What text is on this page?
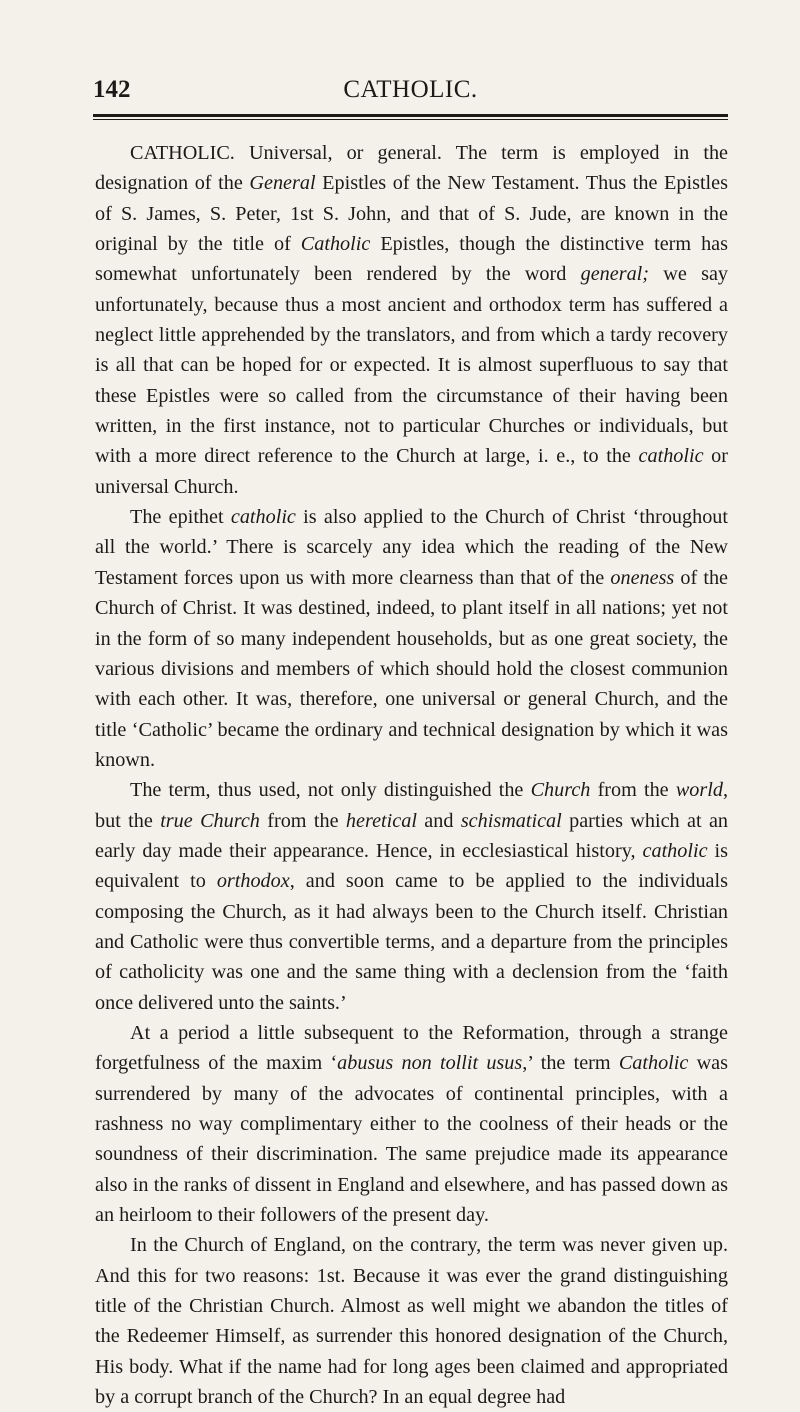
142	CATHOLIC.

CATHOLIC. Universal, or general. The term is employed in the designation of the General Epistles of the New Testament. Thus the Epistles of S. James, S. Peter, 1st S. John, and that of S. Jude, are known in the original by the title of Catholic Epistles, though the distinctive term has somewhat unfortunately been rendered by the word general; we say unfortunately, because thus a most ancient and orthodox term has suffered a neglect little apprehended by the translators, and from which a tardy recovery is all that can be hoped for or expected. It is almost superfluous to say that these Epistles were so called from the circumstance of their having been written, in the first instance, not to particular Churches or individuals, but with a more direct reference to the Church at large, i. e., to the catholic or universal Church.

The epithet catholic is also applied to the Church of Christ ‘throughout all the world.’ There is scarcely any idea which the reading of the New Testament forces upon us with more clearness than that of the oneness of the Church of Christ. It was destined, indeed, to plant itself in all nations; yet not in the form of so many independent households, but as one great society, the various divisions and members of which should hold the closest communion with each other. It was, therefore, one universal or general Church, and the title ‘Catholic’ became the ordinary and technical designation by which it was known.

The term, thus used, not only distinguished the Church from the world, but the true Church from the heretical and schismatical parties which at an early day made their appearance. Hence, in ecclesiastical history, catholic is equivalent to orthodox, and soon came to be applied to the individuals composing the Church, as it had always been to the Church itself. Christian and Catholic were thus convertible terms, and a departure from the principles of catholicity was one and the same thing with a declension from the ‘faith once delivered unto the saints.’

At a period a little subsequent to the Reformation, through a strange forgetfulness of the maxim ‘abusus non tollit usus,’ the term Catholic was surrendered by many of the advocates of continental principles, with a rashness no way complimentary either to the coolness of their heads or the soundness of their discrimination. The same prejudice made its appearance also in the ranks of dissent in England and elsewhere, and has passed down as an heirloom to their followers of the present day.

In the Church of England, on the contrary, the term was never given up. And this for two reasons: 1st. Because it was ever the grand distinguishing title of the Christian Church. Almost as well might we abandon the titles of the Redeemer Himself, as surrender this honored designation of the Church, His body. What if the name had for long ages been claimed and appropriated by a corrupt branch of the Church? In an equal degree had
